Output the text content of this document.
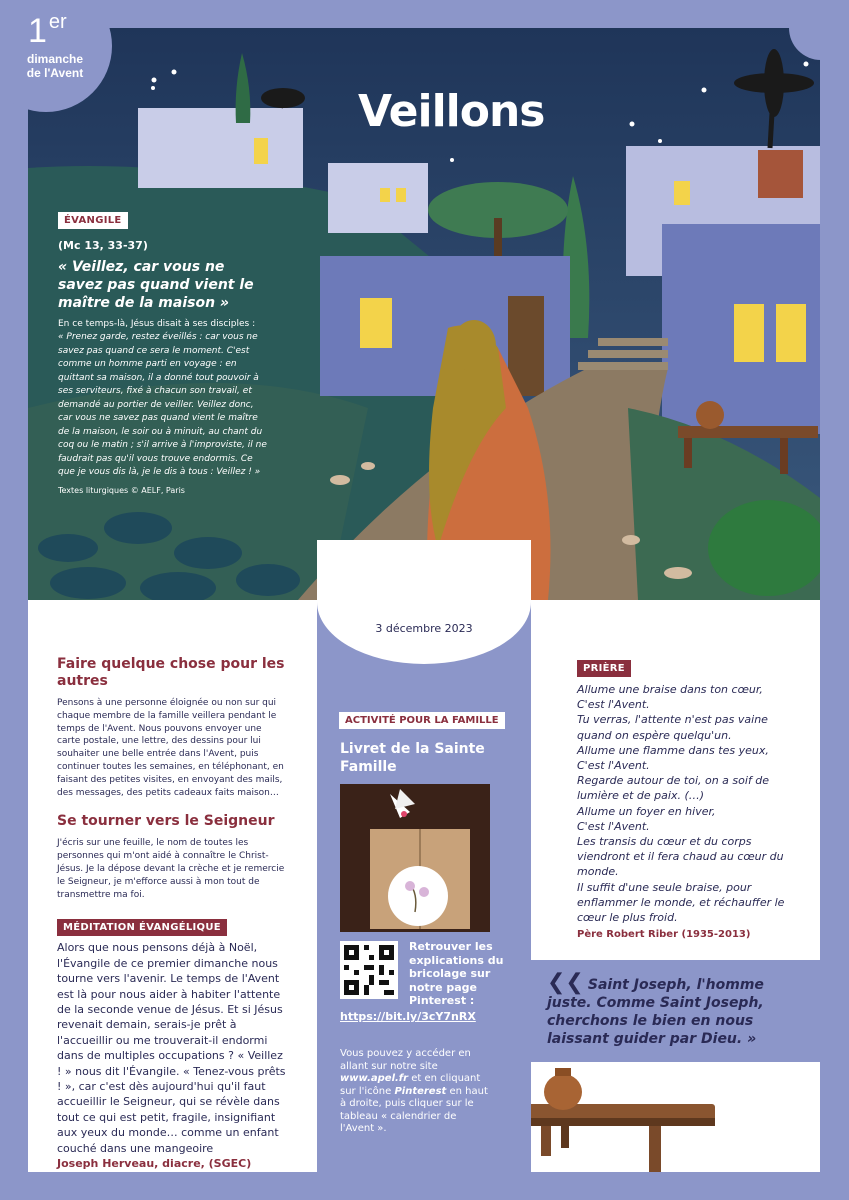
1 $^{er}$
dimanche
de l'Avent
Veillons
ÉVANGILE
(Mc 13, 33-37)
« Veillez, car vous ne savez pas quand vient le maître de la maison »
En ce temps-là, Jésus disait à ses disciples :
« Prenez garde, restez éveillés : car vous ne savez pas quand ce sera le moment. C'est comme un homme parti en voyage : en quittant sa maison, il a donné tout pouvoir à ses serviteurs, fixé à chacun son travail, et demandé au portier de veiller. Veillez donc, car vous ne savez pas quand vient le maître de la maison, le soir ou à minuit, au chant du coq ou le matin ; s'il arrive à l'improviste, il ne faudrait pas qu'il vous trouve endormis. Ce que je vous dis là, je le dis à tous : Veillez ! »
Textes liturgiques © AELF, Paris
Faire quelque chose pour les autres

Pensons à une personne éloignée ou non sur qui chaque membre de la famille veillera pendant le temps de l'Avent. Nous pouvons envoyer une carte postale, une lettre, des dessins pour lui souhaiter une belle entrée dans l'Avent, puis continuer toutes les semaines, en téléphonant, en faisant des petites visites, en envoyant des mails, des messages, des petits cadeaux faits maison…

Se tourner vers le Seigneur

J'écris sur une feuille, le nom de toutes les personnes qui m'ont aidé à connaître le Christ-Jésus. Je la dépose devant la crèche et je remercie le Seigneur, je m'efforce aussi à mon tout de transmettre ma foi.

MÉDITATION ÉVANGÉLIQUE

Alors que nous pensons déjà à Noël, l'Évangile de ce premier dimanche nous tourne vers l'avenir. Le temps de l'Avent est là pour nous aider à habiter l'attente de la seconde venue de Jésus. Et si Jésus revenait demain, serais-je prêt à l'accueillir ou me trouverait-il endormi dans de multiples occupations ? « Veillez ! » nous dit l'Évangile. « Tenez-vous prêts ! », car c'est dès aujourd'hui qu'il faut accueillir le Seigneur, qui se révèle dans tout ce qui est petit, fragile, insignifiant aux yeux du monde… comme un enfant couché dans une mangeoire
Joseph Herveau, diacre, (SGEC)

3 décembre 2023
ACTIVITÉ POUR LA FAMILLE
Livret de la Sainte Famille
Retrouver les explications du bricolage sur notre page Pinterest :
https://bit.ly/3cY7nRX
Vous pouvez y accéder en allant sur notre site www.apel.fr et en cliquant sur l'icône Pinterest en haut à droite, puis cliquer sur le tableau « calendrier de l'Avent ».
PRIÈRE
Allume une braise dans ton cœur,
C'est l'Avent.
Tu verras, l'attente n'est pas vaine quand on espère quelqu'un.
Allume une flamme dans tes yeux,
C'est l'Avent.
Regarde autour de toi, on a soif de lumière et de paix. (…)
Allume un foyer en hiver,
C'est l'Avent.
Les transis du cœur et du corps viendront et il fera chaud au cœur du monde.
Il suffit d'une seule braise, pour enflammer le monde, et réchauffer le cœur le plus froid.
Père Robert Riber (1935-2013)
❮❮ Saint Joseph, l'homme juste. Comme Saint Joseph, cherchons le bien en nous laissant guider par Dieu. »
